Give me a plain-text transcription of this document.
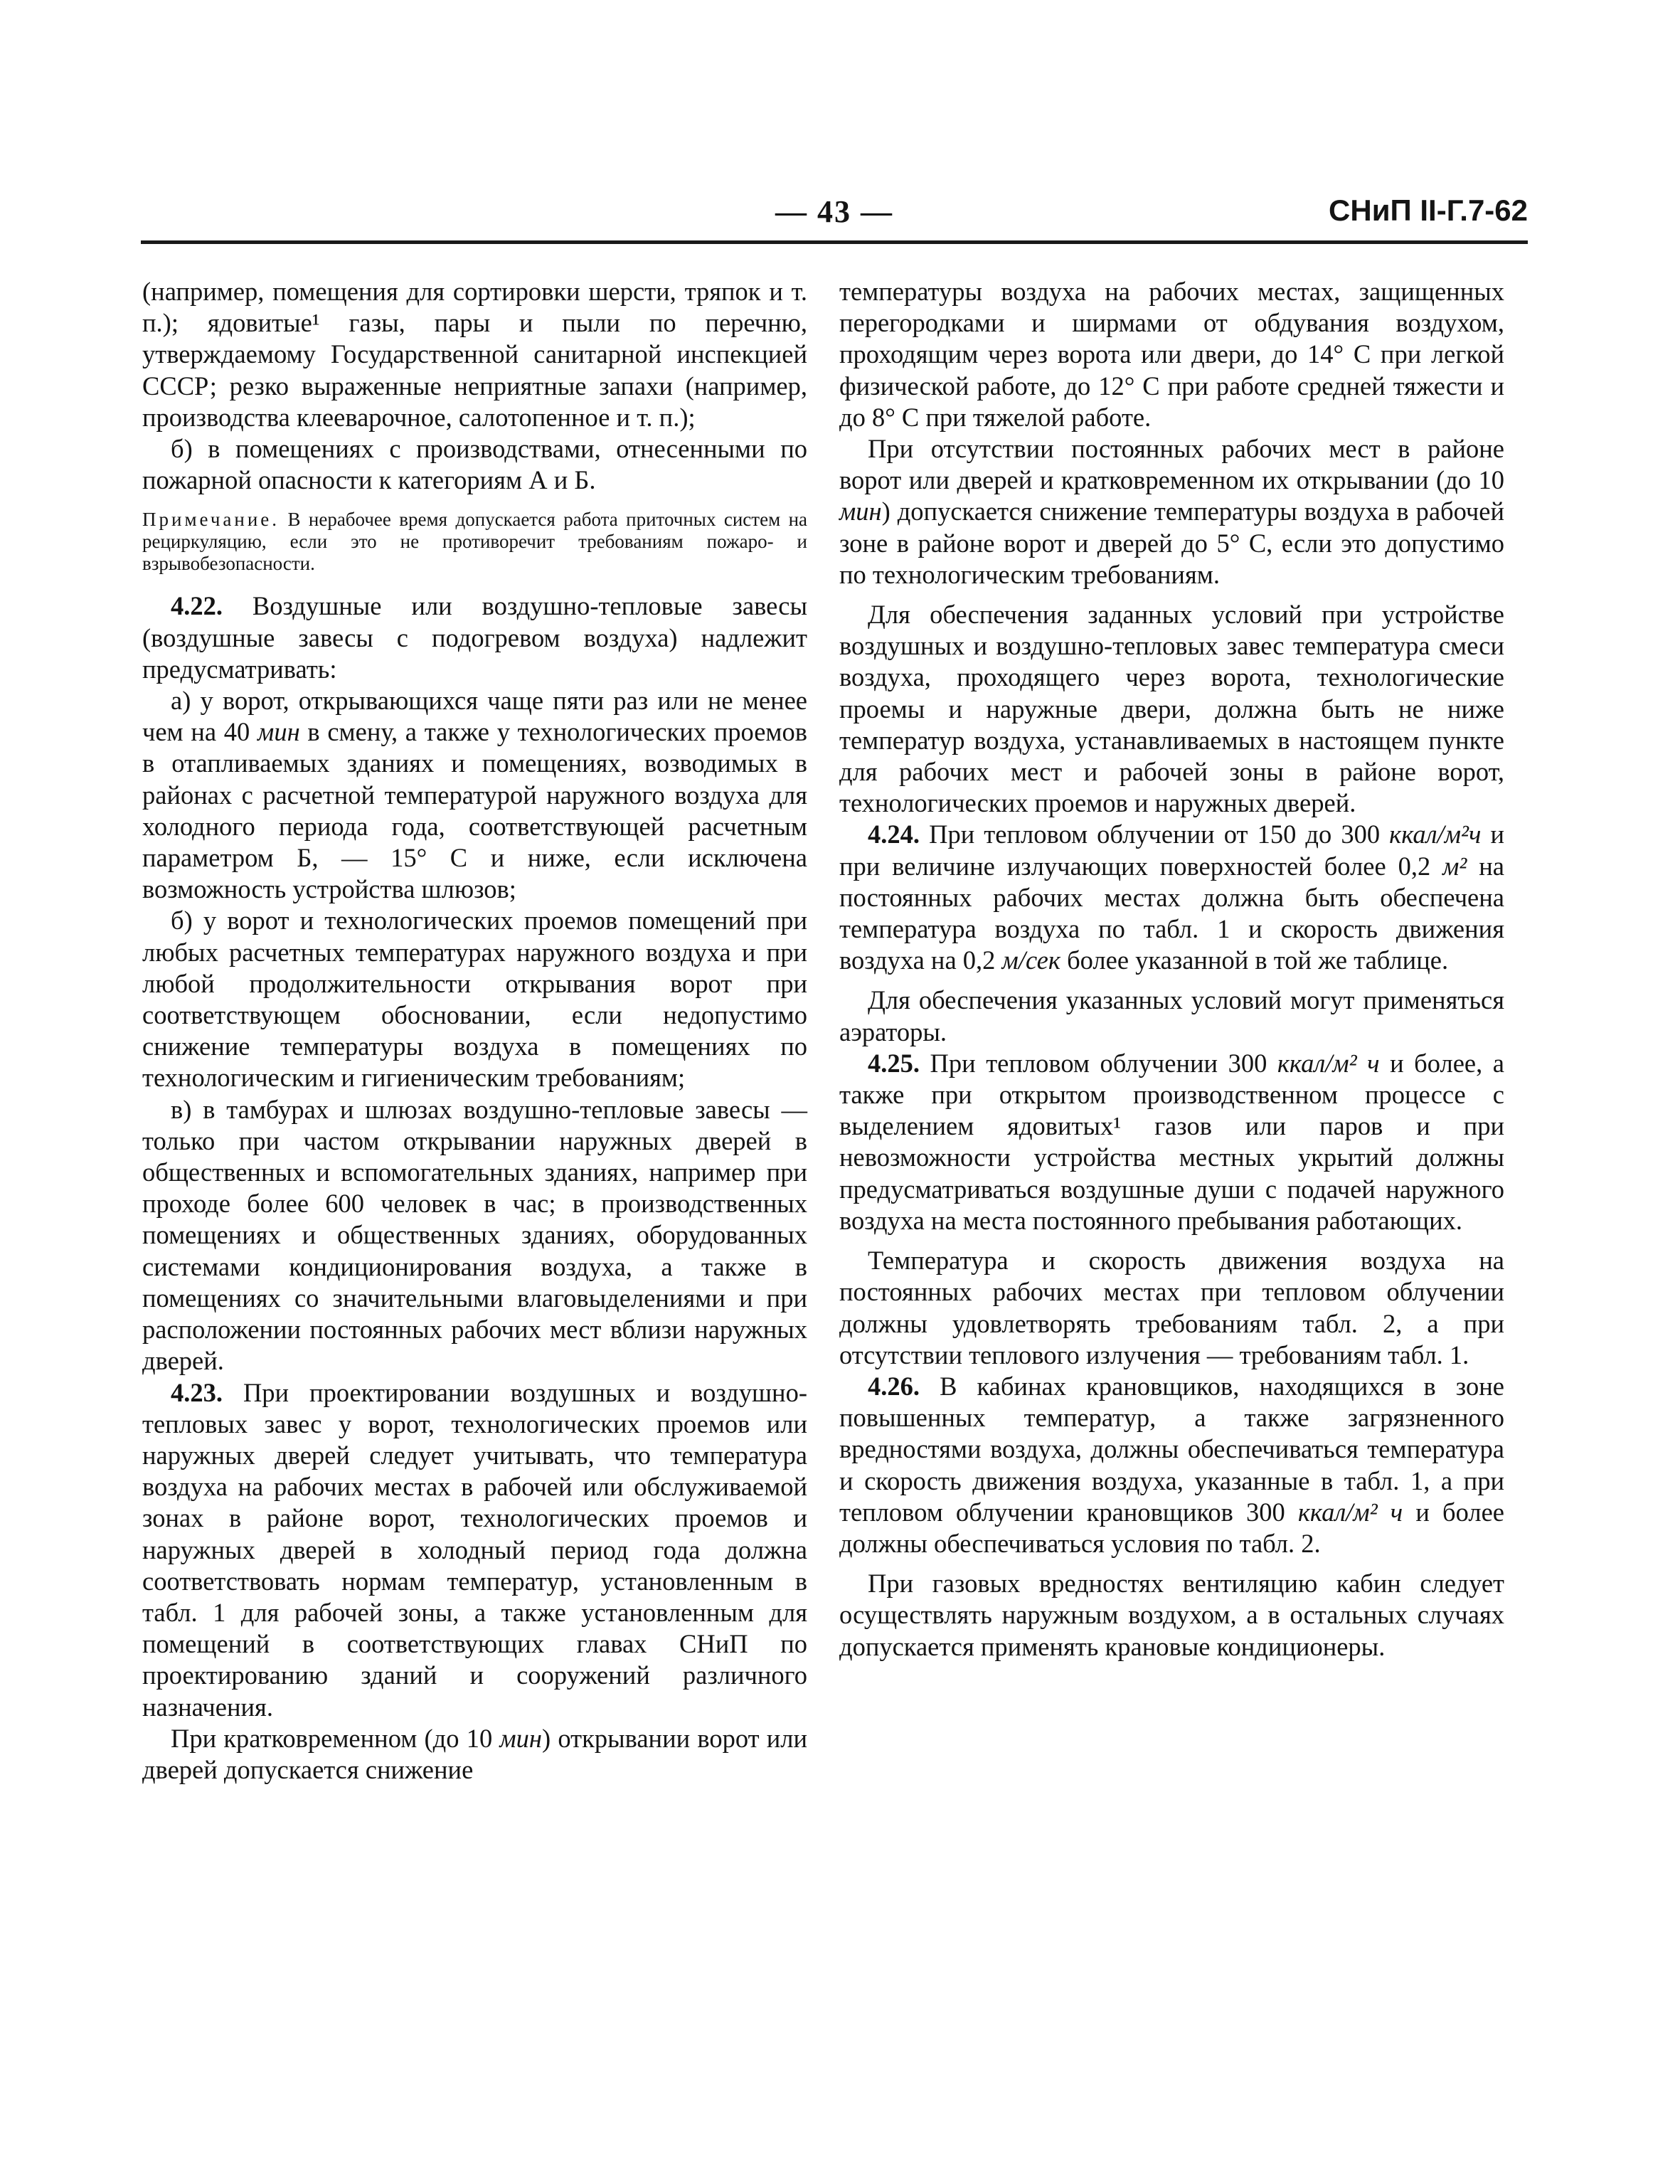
— 43 —	СНиП II-Г.7-62

(например, помещения для сортировки шерсти, тряпок и т. п.); ядовитые¹ газы, пары и пыли по перечню, утверждаемому Государственной санитарной инспекцией СССР; резко выраженные неприятные запахи (например, производства клееварочное, салотопенное и т. п.);

б) в помещениях с производствами, отнесенными по пожарной опасности к категориям А и Б.

Примечание. В нерабочее время допускается работа приточных систем на рециркуляцию, если это не противоречит требованиям пожаро- и взрывобезопасности.

4.22. Воздушные или воздушно-тепловые завесы (воздушные завесы с подогревом воздуха) надлежит предусматривать:

а) у ворот, открывающихся чаще пяти раз или не менее чем на 40 мин в смену, а также у технологических проемов в отапливаемых зданиях и помещениях, возводимых в районах с расчетной температурой наружного воздуха для холодного периода года, соответствующей расчетным параметром Б, — 15° С и ниже, если исключена возможность устройства шлюзов;

б) у ворот и технологических проемов помещений при любых расчетных температурах наружного воздуха и при любой продолжительности открывания ворот при соответствующем обосновании, если недопустимо снижение температуры воздуха в помещениях по технологическим и гигиеническим требованиям;

в) в тамбурах и шлюзах воздушно-тепловые завесы — только при частом открывании наружных дверей в общественных и вспомогательных зданиях, например при проходе более 600 человек в час; в производственных помещениях и общественных зданиях, оборудованных системами кондиционирования воздуха, а также в помещениях со значительными влаговыделениями и при расположении постоянных рабочих мест вблизи наружных дверей.

4.23. При проектировании воздушных и воздушно-тепловых завес у ворот, технологических проемов или наружных дверей следует учитывать, что температура воздуха на рабочих местах в рабочей или обслуживаемой зонах в районе ворот, технологических проемов и наружных дверей в холодный период года должна соответствовать нормам температур, установленным в табл. 1 для рабочей зоны, а также установленным для помещений в соответствующих главах СНиП по проектированию зданий и сооружений различного назначения.

При кратковременном (до 10 мин) открывании ворот или дверей допускается снижение

температуры воздуха на рабочих местах, защищенных перегородками и ширмами от обдувания воздухом, проходящим через ворота или двери, до 14° С при легкой физической работе, до 12° С при работе средней тяжести и до 8° С при тяжелой работе.

При отсутствии постоянных рабочих мест в районе ворот или дверей и кратковременном их открывании (до 10 мин) допускается снижение температуры воздуха в рабочей зоне в районе ворот и дверей до 5° С, если это допустимо по технологическим требованиям.

Для обеспечения заданных условий при устройстве воздушных и воздушно-тепловых завес температура смеси воздуха, проходящего через ворота, технологические проемы и наружные двери, должна быть не ниже температур воздуха, устанавливаемых в настоящем пункте для рабочих мест и рабочей зоны в районе ворот, технологических проемов и наружных дверей.

4.24. При тепловом облучении от 150 до 300 ккал/м²ч и при величине излучающих поверхностей более 0,2 м² на постоянных рабочих местах должна быть обеспечена температура воздуха по табл. 1 и скорость движения воздуха на 0,2 м/сек более указанной в той же таблице.

Для обеспечения указанных условий могут применяться аэраторы.

4.25. При тепловом облучении 300 ккал/м² ч и более, а также при открытом производственном процессе с выделением ядовитых¹ газов или паров и при невозможности устройства местных укрытий должны предусматриваться воздушные души с подачей наружного воздуха на места постоянного пребывания работающих.

Температура и скорость движения воздуха на постоянных рабочих местах при тепловом облучении должны удовлетворять требованиям табл. 2, а при отсутствии теплового излучения — требованиям табл. 1.

4.26. В кабинах крановщиков, находящихся в зоне повышенных температур, а также загрязненного вредностями воздуха, должны обеспечиваться температура и скорость движения воздуха, указанные в табл. 1, а при тепловом облучении крановщиков 300 ккал/м² ч и более должны обеспечиваться условия по табл. 2.

При газовых вредностях вентиляцию кабин следует осуществлять наружным воздухом, а в остальных случаях допускается применять крановые кондиционеры.
